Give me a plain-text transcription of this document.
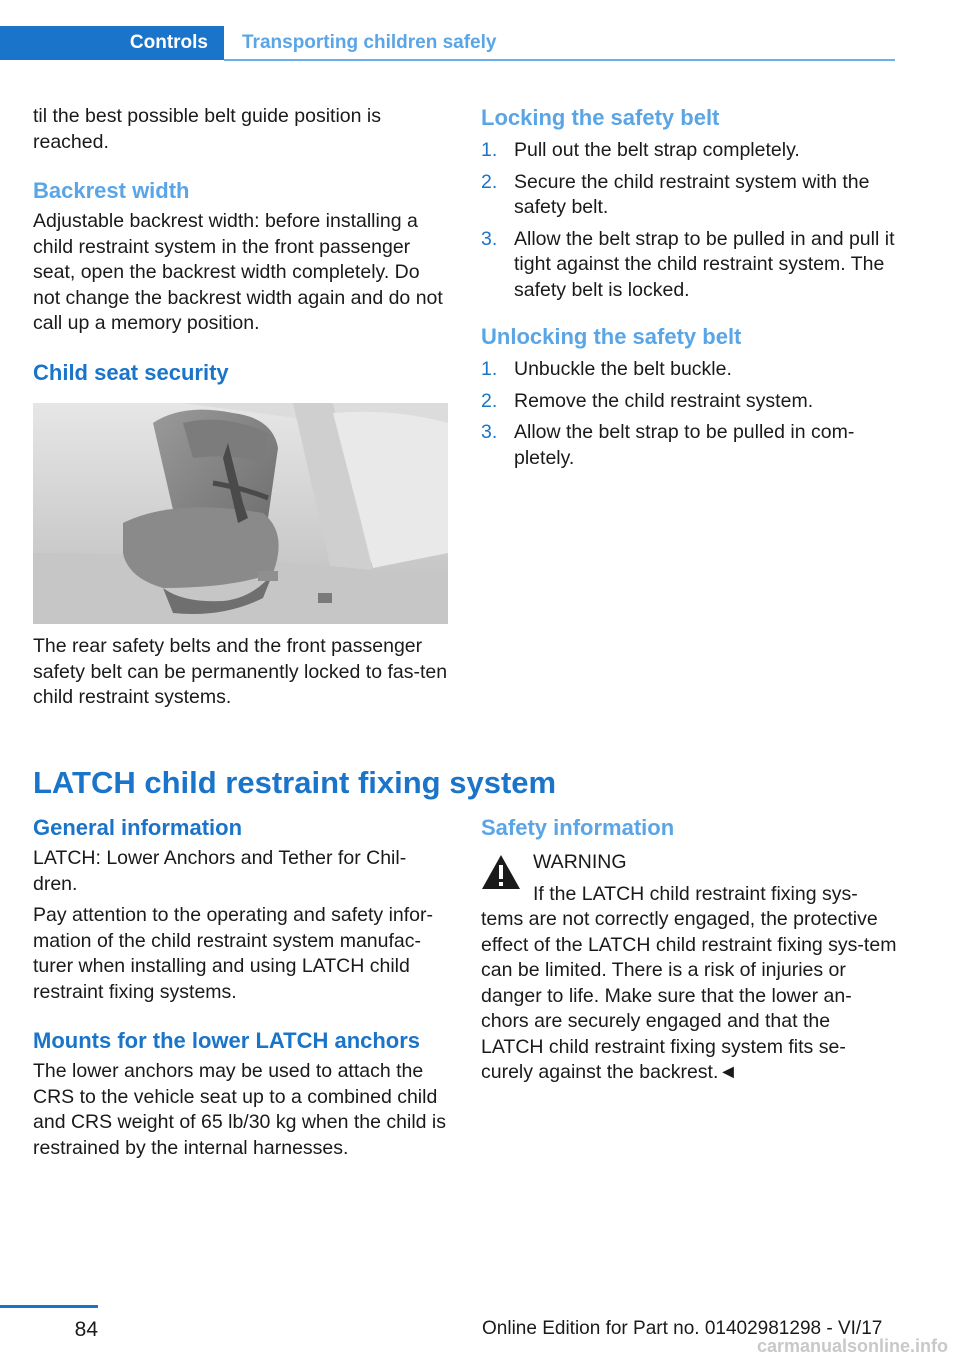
Controls	Transporting children safely

til the best possible belt guide position is reached.

Backrest width

Adjustable backrest width: before installing a child restraint system in the front passenger seat, open the backrest width completely. Do not change the backrest width again and do not call up a memory position.

Child seat security

The rear safety belts and the front passenger safety belt can be permanently locked to fas-ten child restraint systems.

Locking the safety belt
1. Pull out the belt strap completely.
2. Secure the child restraint system with the safety belt.
3. Allow the belt strap to be pulled in and pull it tight against the child restraint system. The safety belt is locked.
Unlocking the safety belt
1. Unbuckle the belt buckle.
2. Remove the child restraint system.
3. Allow the belt strap to be pulled in com-pletely.
LATCH child restraint fixing system
General information

LATCH: Lower Anchors and Tether for Chil-dren.

Pay attention to the operating and safety infor-mation of the child restraint system manufac-turer when installing and using LATCH child restraint fixing systems.

Mounts for the lower LATCH anchors

The lower anchors may be used to attach the CRS to the vehicle seat up to a combined child and CRS weight of 65 lb/30 kg when the child is restrained by the internal harnesses.

Safety information

WARNING

If the LATCH child restraint fixing sys-

tems are not correctly engaged, the protective effect of the LATCH child restraint fixing sys-tem can be limited. There is a risk of injuries or danger to life. Make sure that the lower an-chors are securely engaged and that the LATCH child restraint fixing system fits se-curely against the backrest.◄

84	Online Edition for Part no. 01402981298 - VI/17
carmanualsonline.info
